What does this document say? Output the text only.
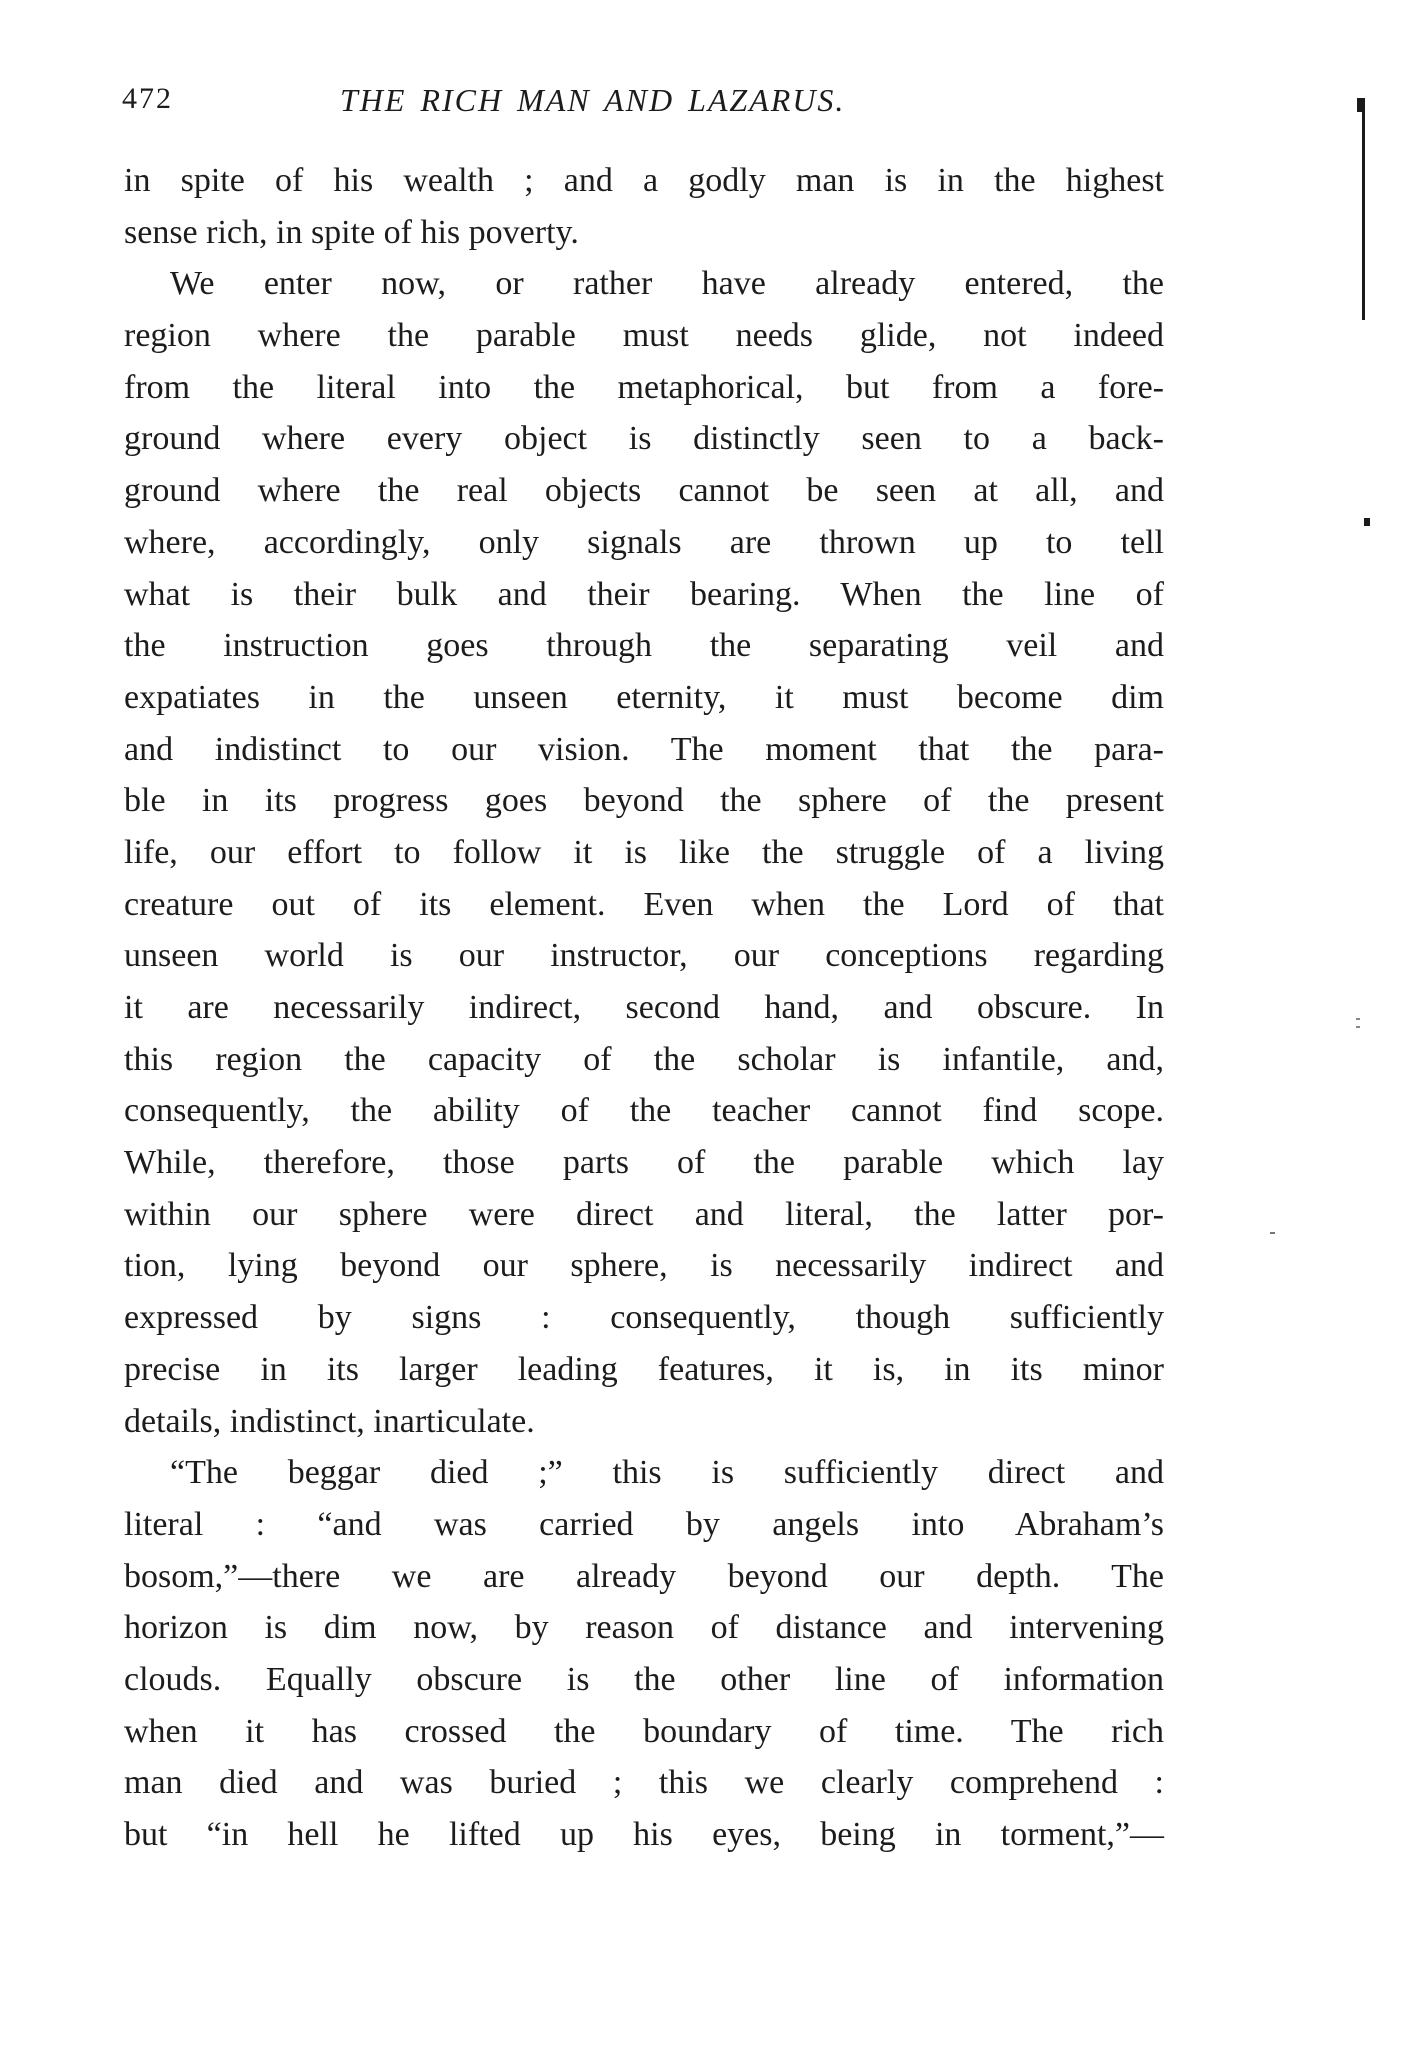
472	THE RICH MAN AND LAZARUS.
in spite of his wealth ; and a godly man is in the highest
sense rich, in spite of his poverty.
We enter now, or rather have already entered, the
region where the parable must needs glide, not indeed
from the literal into the metaphorical, but from a fore-
ground where every object is distinctly seen to a back-
ground where the real objects cannot be seen at all, and
where, accordingly, only signals are thrown up to tell
what is their bulk and their bearing. When the line of
the instruction goes through the separating veil and
expatiates in the unseen eternity, it must become dim
and indistinct to our vision. The moment that the para-
ble in its progress goes beyond the sphere of the present
life, our effort to follow it is like the struggle of a living
creature out of its element. Even when the Lord of that
unseen world is our instructor, our conceptions regarding
it are necessarily indirect, second hand, and obscure. In
this region the capacity of the scholar is infantile, and,
consequently, the ability of the teacher cannot find scope.
While, therefore, those parts of the parable which lay
within our sphere were direct and literal, the latter por-
tion, lying beyond our sphere, is necessarily indirect and
expressed by signs : consequently, though sufficiently
precise in its larger leading features, it is, in its minor
details, indistinct, inarticulate.
“The beggar died ;” this is sufficiently direct and
literal : “and was carried by angels into Abraham’s
bosom,”—there we are already beyond our depth. The
horizon is dim now, by reason of distance and intervening
clouds. Equally obscure is the other line of information
when it has crossed the boundary of time. The rich
man died and was buried ; this we clearly comprehend :
but “in hell he lifted up his eyes, being in torment,”—
